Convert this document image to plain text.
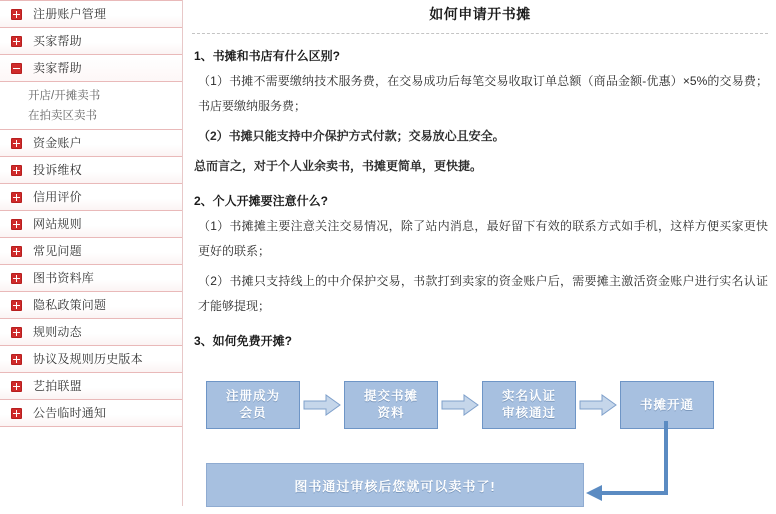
注册账户管理
买家帮助
卖家帮助
开店/开摊卖书
在拍卖区卖书
资金账户
投诉维权
信用评价
网站规则
常见问题
图书资料库
隐私政策问题
规则动态
协议及规则历史版本
艺拍联盟
公告临时通知
如何申请开书摊
1、书摊和书店有什么区别?
（1）书摊不需要缴纳技术服务费，在交易成功后每笔交易收取订单总额（商品金额-优惠）×5%的交易费；书店要缴纳服务费；
（2）书摊只能支持中介保护方式付款；交易放心且安全。
总而言之，对于个人业余卖书，书摊更简单，更快捷。
2、个人开摊要注意什么?
（1）书摊摊主要注意关注交易情况，除了站内消息，最好留下有效的联系方式如手机，这样方便买家更快更好的联系；
（2）书摊只支持线上的中介保护交易，书款打到卖家的资金账户后，需要摊主激活资金账户进行实名认证才能够提现；
3、如何免费开摊?
注册成为
会员
提交书摊
资料
实名认证
审核通过
书摊开通
图书通过审核后您就可以卖书了!
